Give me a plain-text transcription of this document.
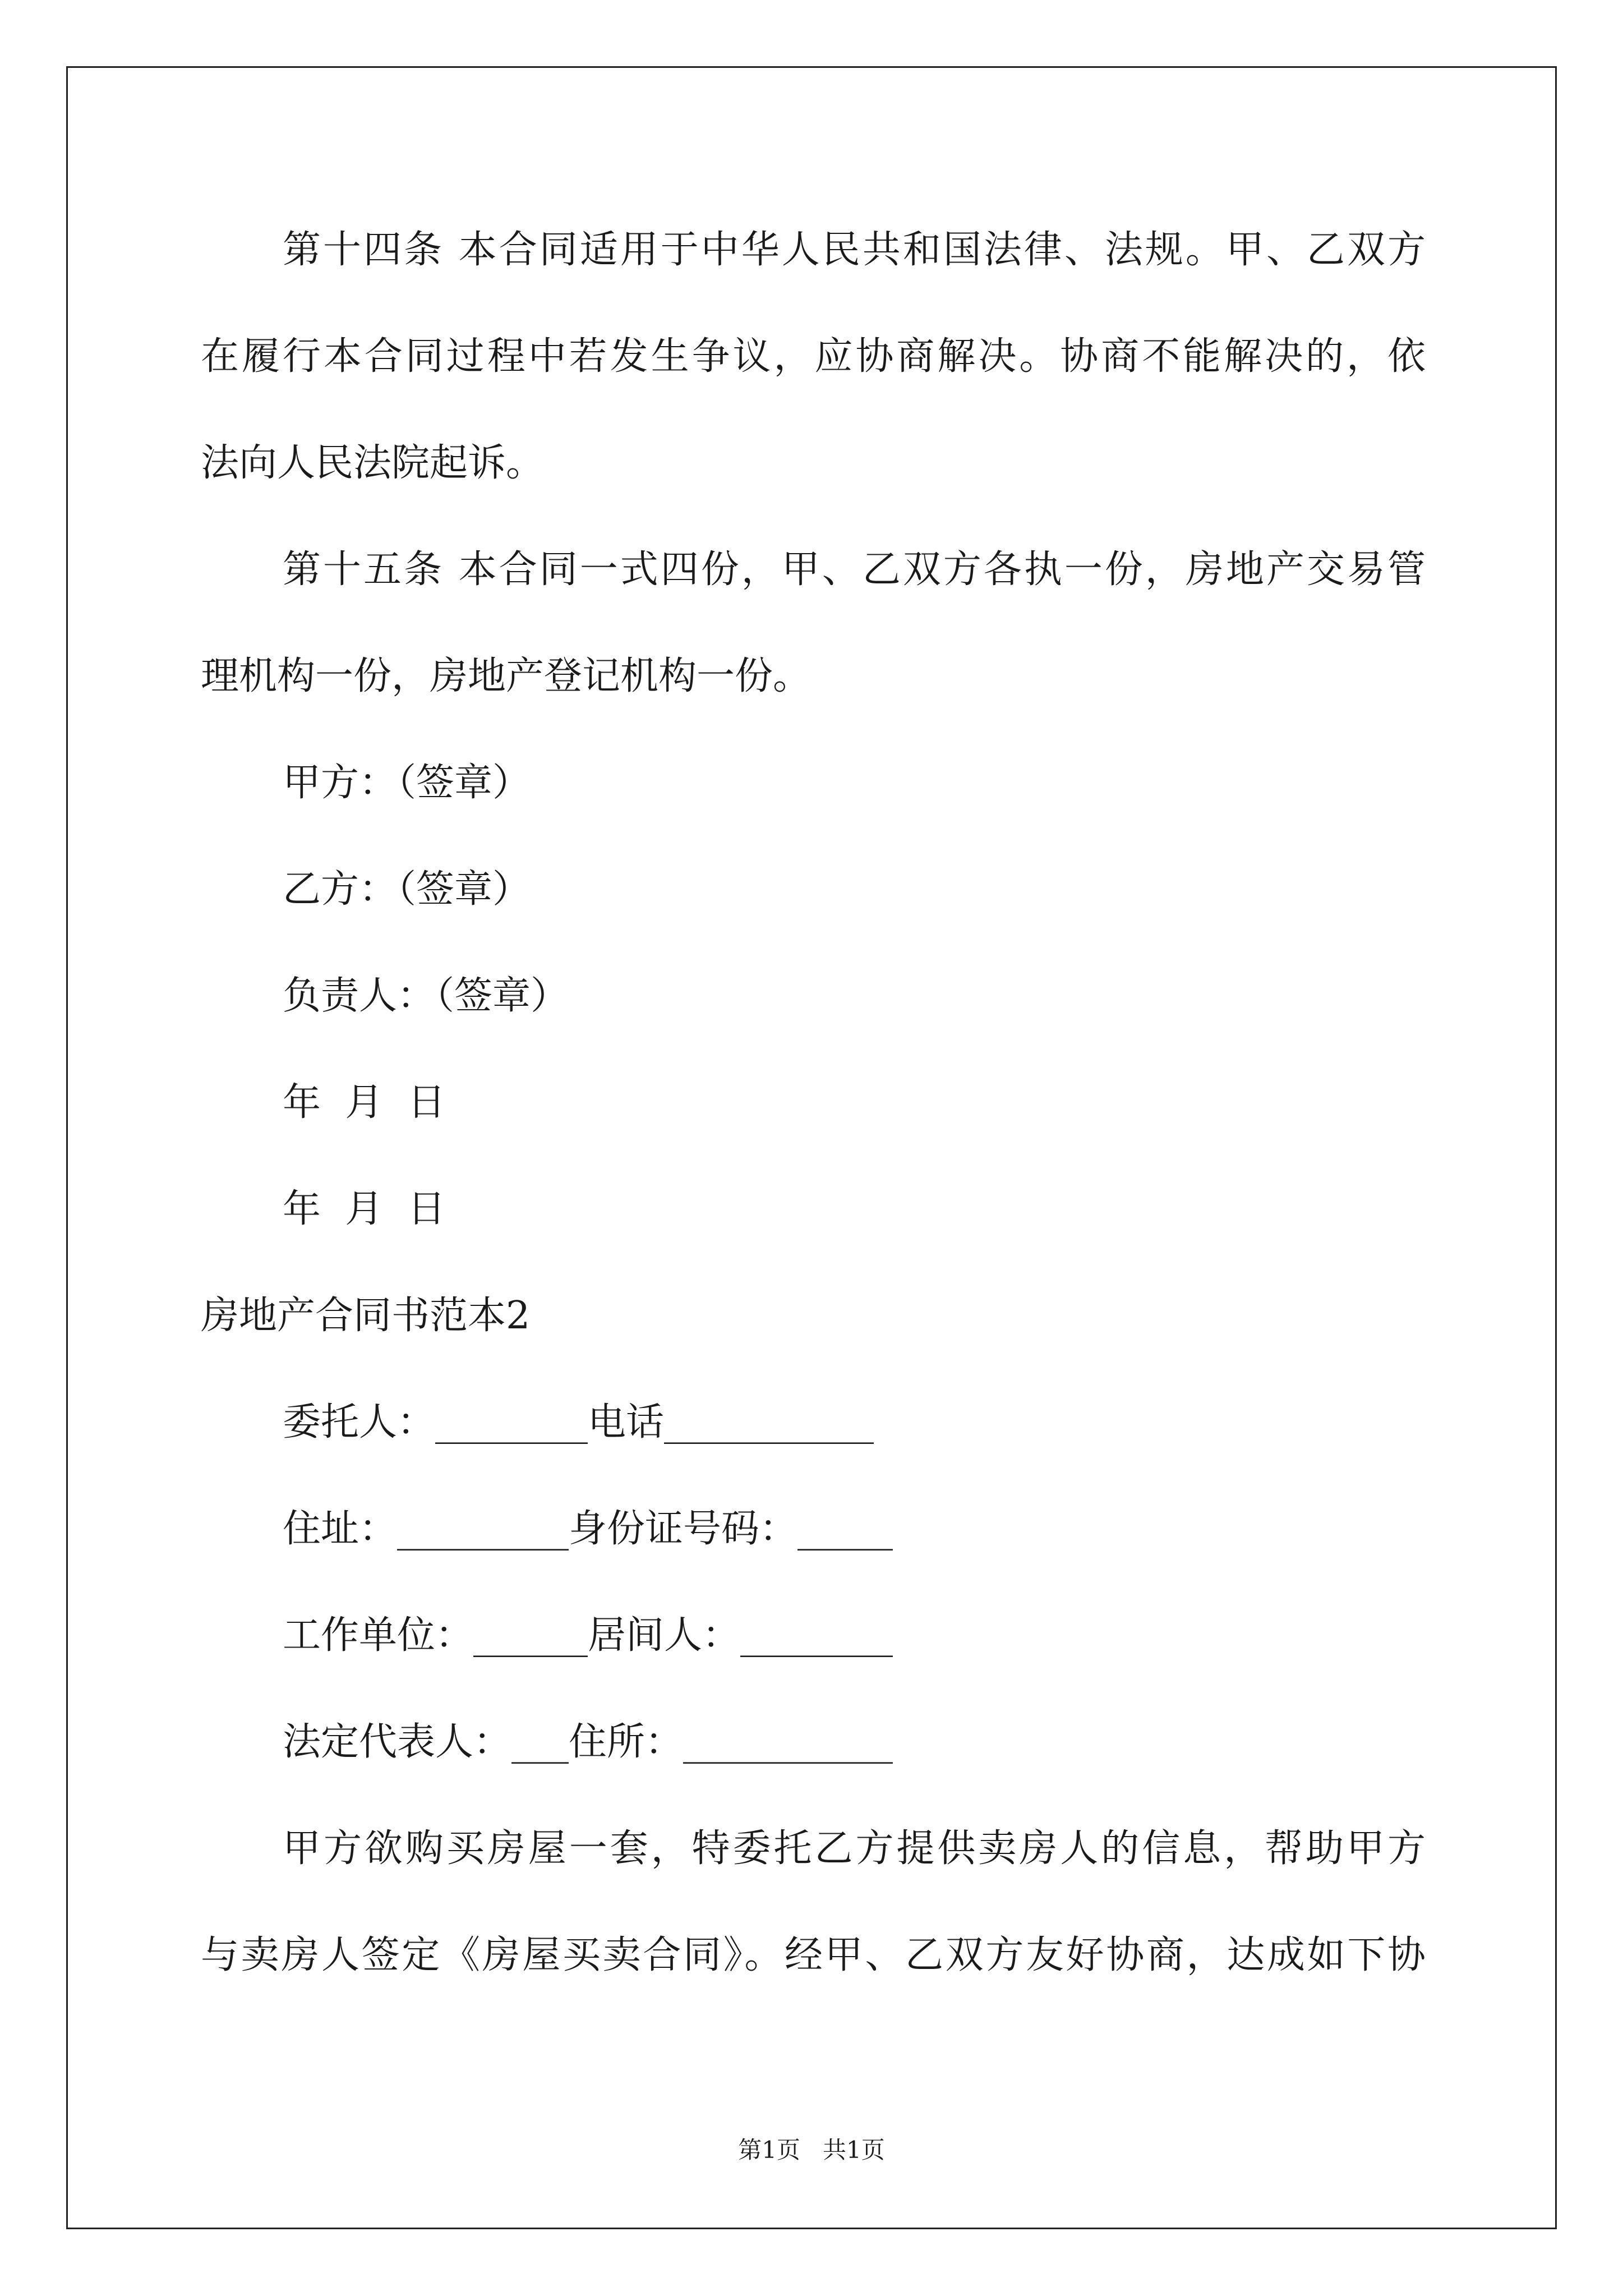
第十四条 本合同适用于中华人民共和国法律、法规。甲、乙双方
在履行本合同过程中若发生争议，应协商解决。协商不能解决的，依
法向人民法院起诉。
第十五条 本合同一式四份，甲、乙双方各执一份，房地产交易管
理机构一份，房地产登记机构一份。
甲方：（签章）
乙方：（签章）
负责人：（签章）
年  月  日
年  月  日
房地产合同书范本2
委托人：________电话___________
住址：_________身份证号码：_____
工作单位：______居间人：________
法定代表人：___住所：___________
甲方欲购买房屋一套，特委托乙方提供卖房人的信息，帮助甲方
与卖房人签定《房屋买卖合同》。经甲、乙双方友好协商，达成如下协
第1页   共1页
